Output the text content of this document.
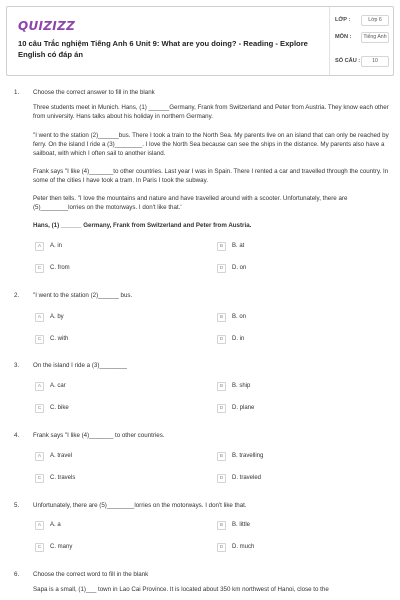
QUIZIZZ
10 câu Trắc nghiệm Tiếng Anh 6 Unit 9: What are you doing? - Reading - Explore English có đáp án
LỚP :	Lớp 6
MÔN :	Tiếng Anh
SỐ CÂU :	10
1. Choose the correct answer to fill in the blank
Three students meet in Munich. Hans, (1) ______Germany, Frank from Switzerland and Peter from Austria. They know each other from university. Hans talks about his holiday in northern Germany.
"I went to the station (2)______bus. There I took a train to the North Sea. My parents live on an island that can only be reached by ferry. On the island I ride a (3)________. I love the North Sea because can see the ships in the distance. My parents also have a sailboat, with which I often sail to another island.
Frank says "I like (4)_______to other countries. Last year I was in Spain. There I rented a car and travelled through the country. In some of the cities I have took a tram. In Paris I took the subway.
Peter then tells. "I love the mountains and nature and have travelled around with a scooter. Unfortunately, there are (5)________lorries on the motorways. I don't like that.'
Hans, (1) ______ Germany, Frank from Switzerland and Peter from Austria.
A	A. in	B	B. at
C	C. from	D	D. on
2. "I went to the station (2)______ bus.
A	A. by	B	B. on
C	C. with	D	D. in
3. On the island I ride a (3)________
A	A. car	B	B. ship
C	C. bike	D	D. plane
4. Frank says "I like (4)_______ to other countries.
A	A. travel	B	B. travelling
C	C. travels	D	D. traveled
5. Unfortunately, there are (5)________lorries on the motorways. I don't like that.
A	A. a	B	B. little
C	C. many	D	D. much
6. Choose the correct word to fill in the blank
Sapa is a small, (1)___ town in Lao Cai Province. It is located about 350 km northwest of Hanoi, close to the
